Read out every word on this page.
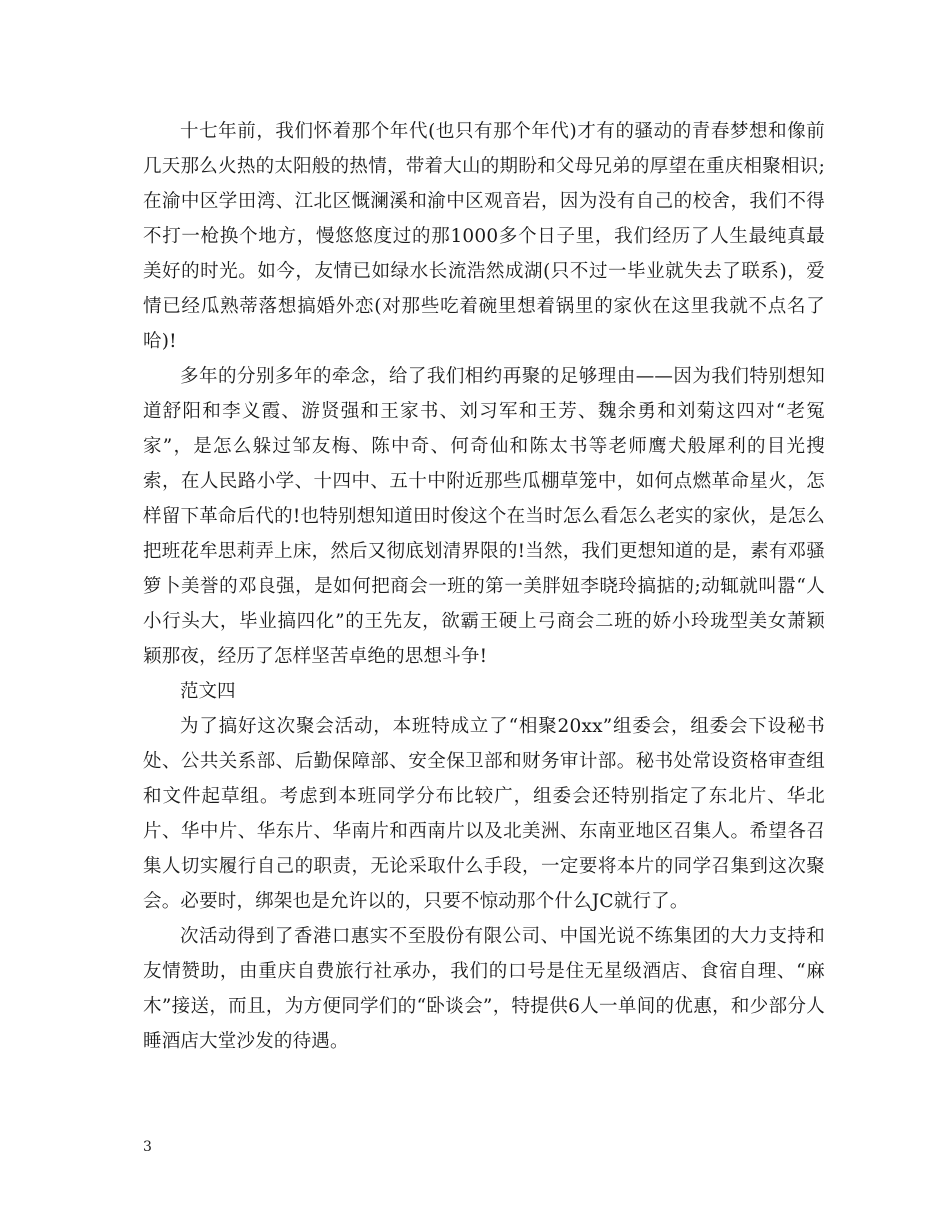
十七年前，我们怀着那个年代(也只有那个年代)才有的骚动的青春梦想和像前几天那么火热的太阳般的热情，带着大山的期盼和父母兄弟的厚望在重庆相聚相识;在渝中区学田湾、江北区慨澜溪和渝中区观音岩，因为没有自己的校舍，我们不得不打一枪换个地方，慢悠悠度过的那1000多个日子里，我们经历了人生最纯真最美好的时光。如今，友情已如绿水长流浩然成湖(只不过一毕业就失去了联系)，爱情已经瓜熟蒂落想搞婚外恋(对那些吃着碗里想着锅里的家伙在这里我就不点名了哈)!

多年的分别多年的牵念，给了我们相约再聚的足够理由——因为我们特别想知道舒阳和李义霞、游贤强和王家书、刘习军和王芳、魏余勇和刘菊这四对“老冤家”，是怎么躲过邹友梅、陈中奇、何奇仙和陈太书等老师鹰犬般犀利的目光搜索，在人民路小学、十四中、五十中附近那些瓜棚草笼中，如何点燃革命星火，怎样留下革命后代的!也特别想知道田时俊这个在当时怎么看怎么老实的家伙，是怎么把班花牟思莉弄上床，然后又彻底划清界限的!当然，我们更想知道的是，素有邓骚箩卜美誉的邓良强，是如何把商会一班的第一美胖妞李晓玲搞掂的;动辄就叫嚣“人小行头大，毕业搞四化”的王先友，欲霸王硬上弓商会二班的娇小玲珑型美女萧颖颖那夜，经历了怎样坚苦卓绝的思想斗争!

范文四

为了搞好这次聚会活动，本班特成立了“相聚20xx”组委会，组委会下设秘书处、公共关系部、后勤保障部、安全保卫部和财务审计部。秘书处常设资格审查组和文件起草组。考虑到本班同学分布比较广，组委会还特别指定了东北片、华北片、华中片、华东片、华南片和西南片以及北美洲、东南亚地区召集人。希望各召集人切实履行自己的职责，无论采取什么手段，一定要将本片的同学召集到这次聚会。必要时，绑架也是允许以的，只要不惊动那个什么JC就行了。

次活动得到了香港口惠实不至股份有限公司、中国光说不练集团的大力支持和友情赞助，由重庆自费旅行社承办，我们的口号是住无星级酒店、食宿自理、“麻木”接送，而且，为方便同学们的“卧谈会”，特提供6人一单间的优惠，和少部分人睡酒店大堂沙发的待遇。

3
